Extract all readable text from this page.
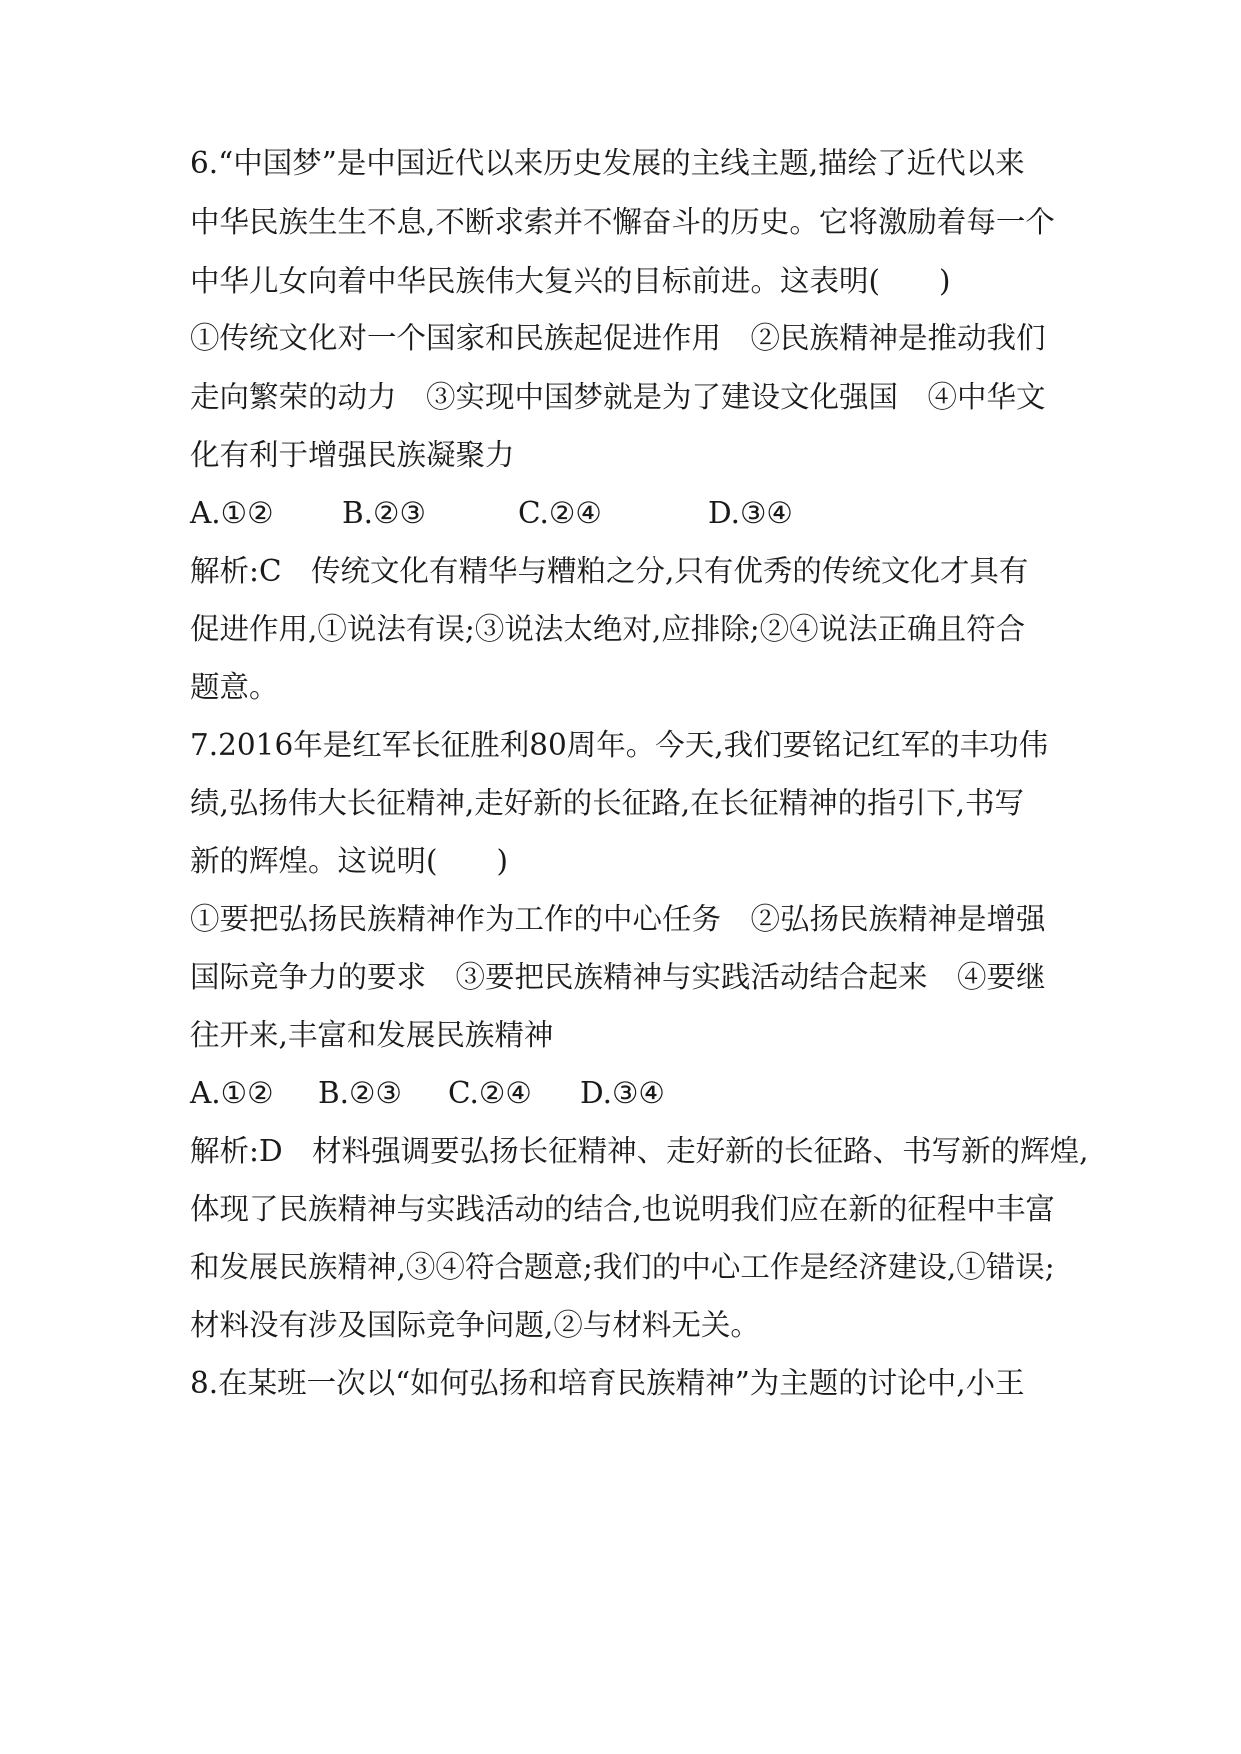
6.“中国梦”是中国近代以来历史发展的主线主题,描绘了近代以来
中华民族生生不息,不断求索并不懈奋斗的历史。它将激励着每一个
中华儿女向着中华民族伟大复兴的目标前进。这表明(　　)
①传统文化对一个国家和民族起促进作用　②民族精神是推动我们
走向繁荣的动力　③实现中国梦就是为了建设文化强国　④中华文
化有利于增强民族凝聚力
A.①② B.②③	C.②④	D.③④
解析:C　传统文化有精华与糟粕之分,只有优秀的传统文化才具有
促进作用,①说法有误;③说法太绝对,应排除;②④说法正确且符合
题意。
7.2016年是红军长征胜利80周年。今天,我们要铭记红军的丰功伟
绩,弘扬伟大长征精神,走好新的长征路,在长征精神的指引下,书写
新的辉煌。这说明(　　)
①要把弘扬民族精神作为工作的中心任务　②弘扬民族精神是增强
国际竞争力的要求　③要把民族精神与实践活动结合起来　④要继
往开来,丰富和发展民族精神
A.①② B.②③ C.②④ D.③④
解析:D　材料强调要弘扬长征精神、走好新的长征路、书写新的辉煌,
体现了民族精神与实践活动的结合,也说明我们应在新的征程中丰富
和发展民族精神,③④符合题意;我们的中心工作是经济建设,①错误;
材料没有涉及国际竞争问题,②与材料无关。
8.在某班一次以“如何弘扬和培育民族精神”为主题的讨论中,小王
